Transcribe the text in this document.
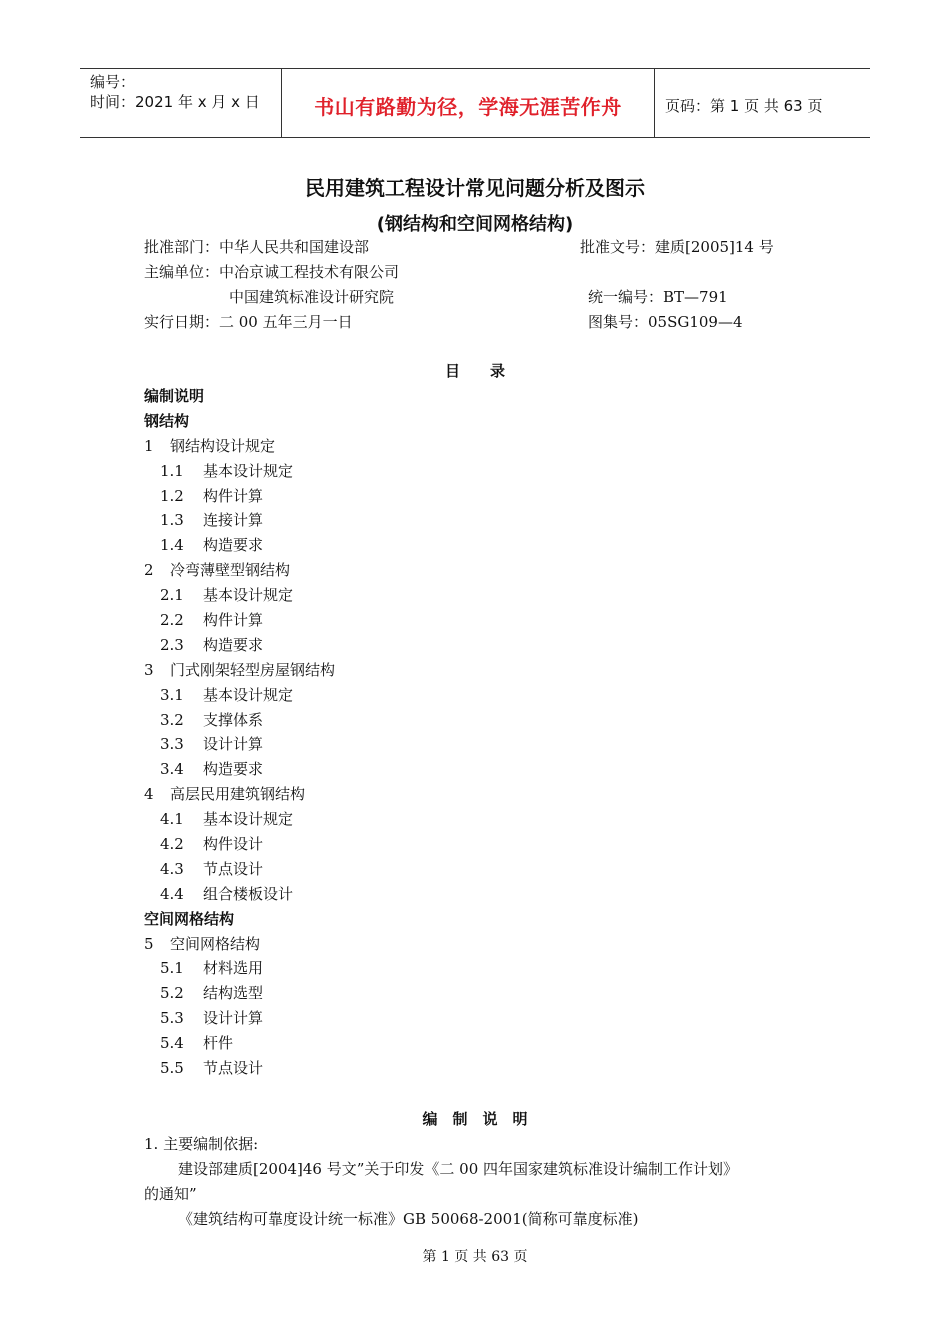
编号：
时间：2021 年 x 月 x 日	书山有路勤为径，学海无涯苦作舟	页码：第 1 页 共 63 页
民用建筑工程设计常见问题分析及图示
(钢结构和空间网格结构)
批准部门：中华人民共和国建设部	批准文号：建质[2005]14 号
主编单位：中冶京诚工程技术有限公司
中国建筑标准设计研究院	统一编号：BT—791
实行日期：二 00 五年三月一日	图集号：05SG109—4
目　　录
编制说明
钢结构
1 钢结构设计规定
1.1 基本设计规定
1.2 构件计算
1.3 连接计算
1.4 构造要求
2 冷弯薄壁型钢结构
2.1 基本设计规定
2.2 构件计算
2.3 构造要求
3 门式刚架轻型房屋钢结构
3.1 基本设计规定
3.2 支撑体系
3.3 设计计算
3.4 构造要求
4 高层民用建筑钢结构
4.1 基本设计规定
4.2 构件设计
4.3 节点设计
4.4 组合楼板设计
空间网格结构
5 空间网格结构
5.1 材料选用
5.2 结构选型
5.3 设计计算
5.4 杆件
5.5 节点设计
编　制　说　明
1. 主要编制依据:
建设部建质[2004]46 号文”关于印发《二 00 四年国家建筑标准设计编制工作计划》
的通知”
《建筑结构可靠度设计统一标准》GB 50068-2001(简称可靠度标准)
第 1 页 共 63 页
